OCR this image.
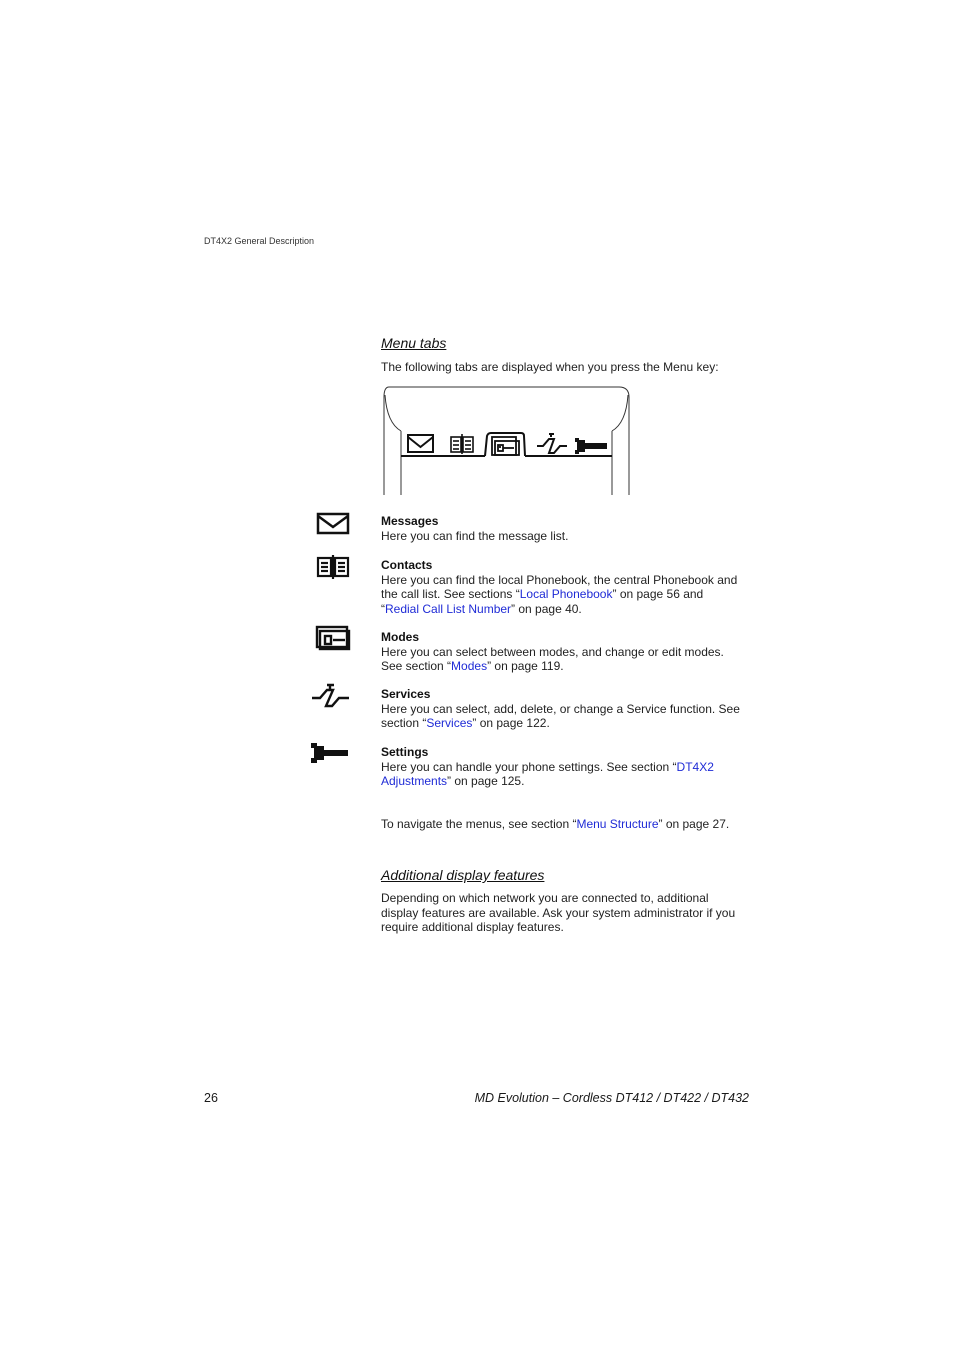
DT4X2 General Description
Menu tabs
The following tabs are displayed when you press the Menu key:
Messages
Here you can find the message list.
Contacts
Here you can find the local Phonebook, the central Phonebook and
the call list. See sections “Local Phonebook” on page 56 and
“Redial Call List Number” on page 40.
Modes
Here you can select between modes, and change or edit modes.
See section “Modes” on page 119.
Services
Here you can select, add, delete, or change a Service function. See
section “Services” on page 122.
Settings
Here you can handle your phone settings. See section “DT4X2
Adjustments” on page 125.
To navigate the menus, see section “Menu Structure” on page 27.
Additional display features
Depending on which network you are connected to, additional
display features are available. Ask your system administrator if you
require additional display features.
26	MD Evolution – Cordless DT412 / DT422 / DT432
